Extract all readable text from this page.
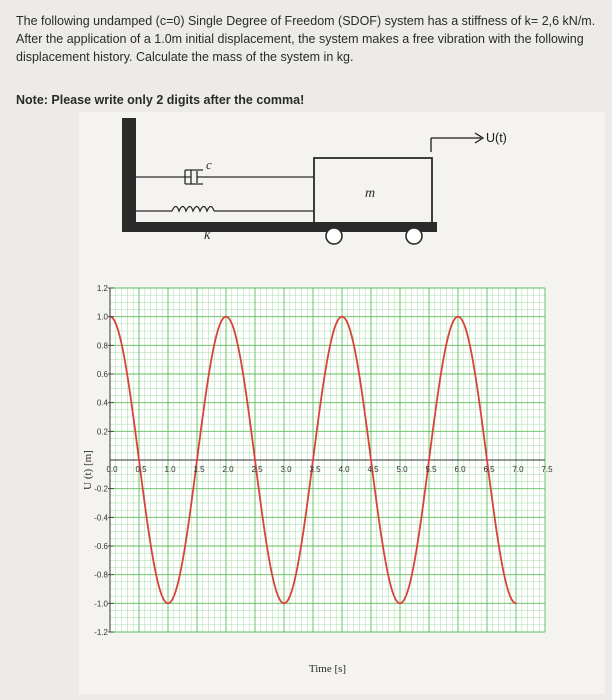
The following undamped (c=0) Single Degree of Freedom (SDOF) system has a stiffness of k= 2,6 kN/m. After the application of a 1.0m initial displacement, the system makes a free vibration with the following displacement history. Calculate the mass of the system in kg.

Note: Please write only 2 digits after the comma!
c
k
m
U(t)
1.2
1.0
0.8
0.6
0.4
0.2
-0.2
-0.4
-0.6
-0.8
-1.0
-1.2
0.0 0.5 1.0 1.5 2.0 2.5 3.0 3.5 4.0 4.5 5.0 5.5 6.0 6.5 7.0 7.5
U (t) [m]
Time [s]
